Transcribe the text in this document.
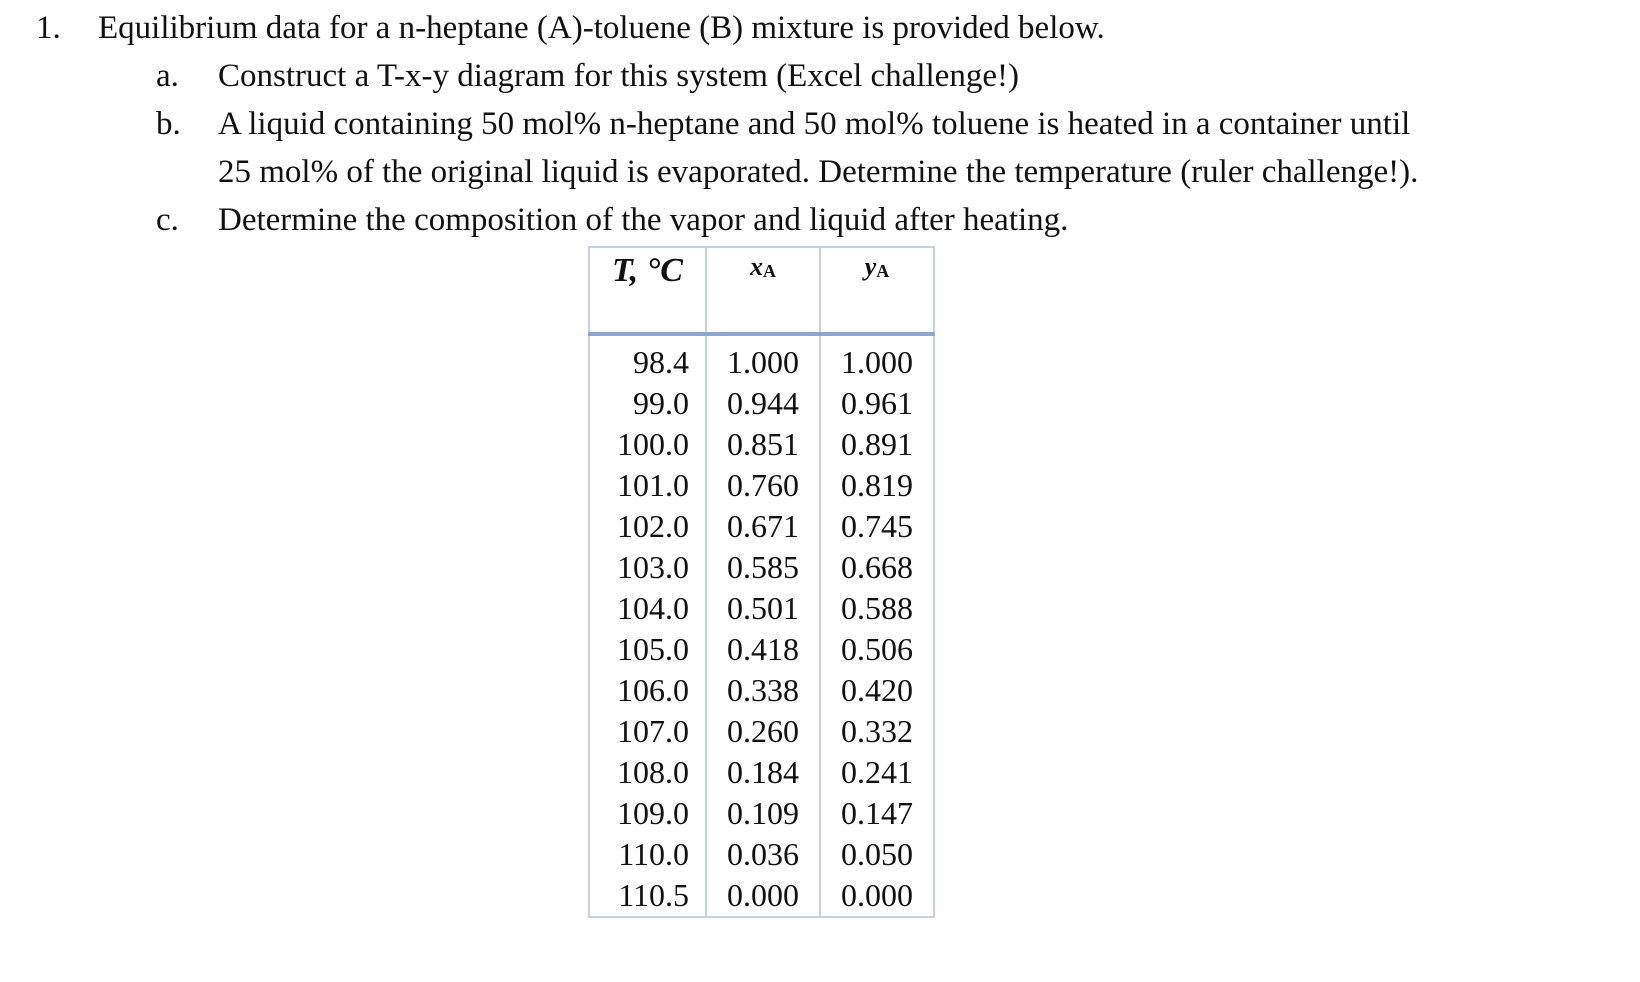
1. Equilibrium data for a n-heptane (A)-toluene (B) mixture is provided below.
a. Construct a T-x-y diagram for this system (Excel challenge!)
b. A liquid containing 50 mol% n-heptane and 50 mol% toluene is heated in a container until
25 mol% of the original liquid is evaporated. Determine the temperature (ruler challenge!).
c. Determine the composition of the vapor and liquid after heating.
T, °C	$x_A$	$y_A$

98.4	1.000	1.000
99.0	0.944	0.961
100.0	0.851	0.891
101.0	0.760	0.819
102.0	0.671	0.745
103.0	0.585	0.668
104.0	0.501	0.588
105.0	0.418	0.506
106.0	0.338	0.420
107.0	0.260	0.332
108.0	0.184	0.241
109.0	0.109	0.147
110.0	0.036	0.050
110.5	0.000	0.000
